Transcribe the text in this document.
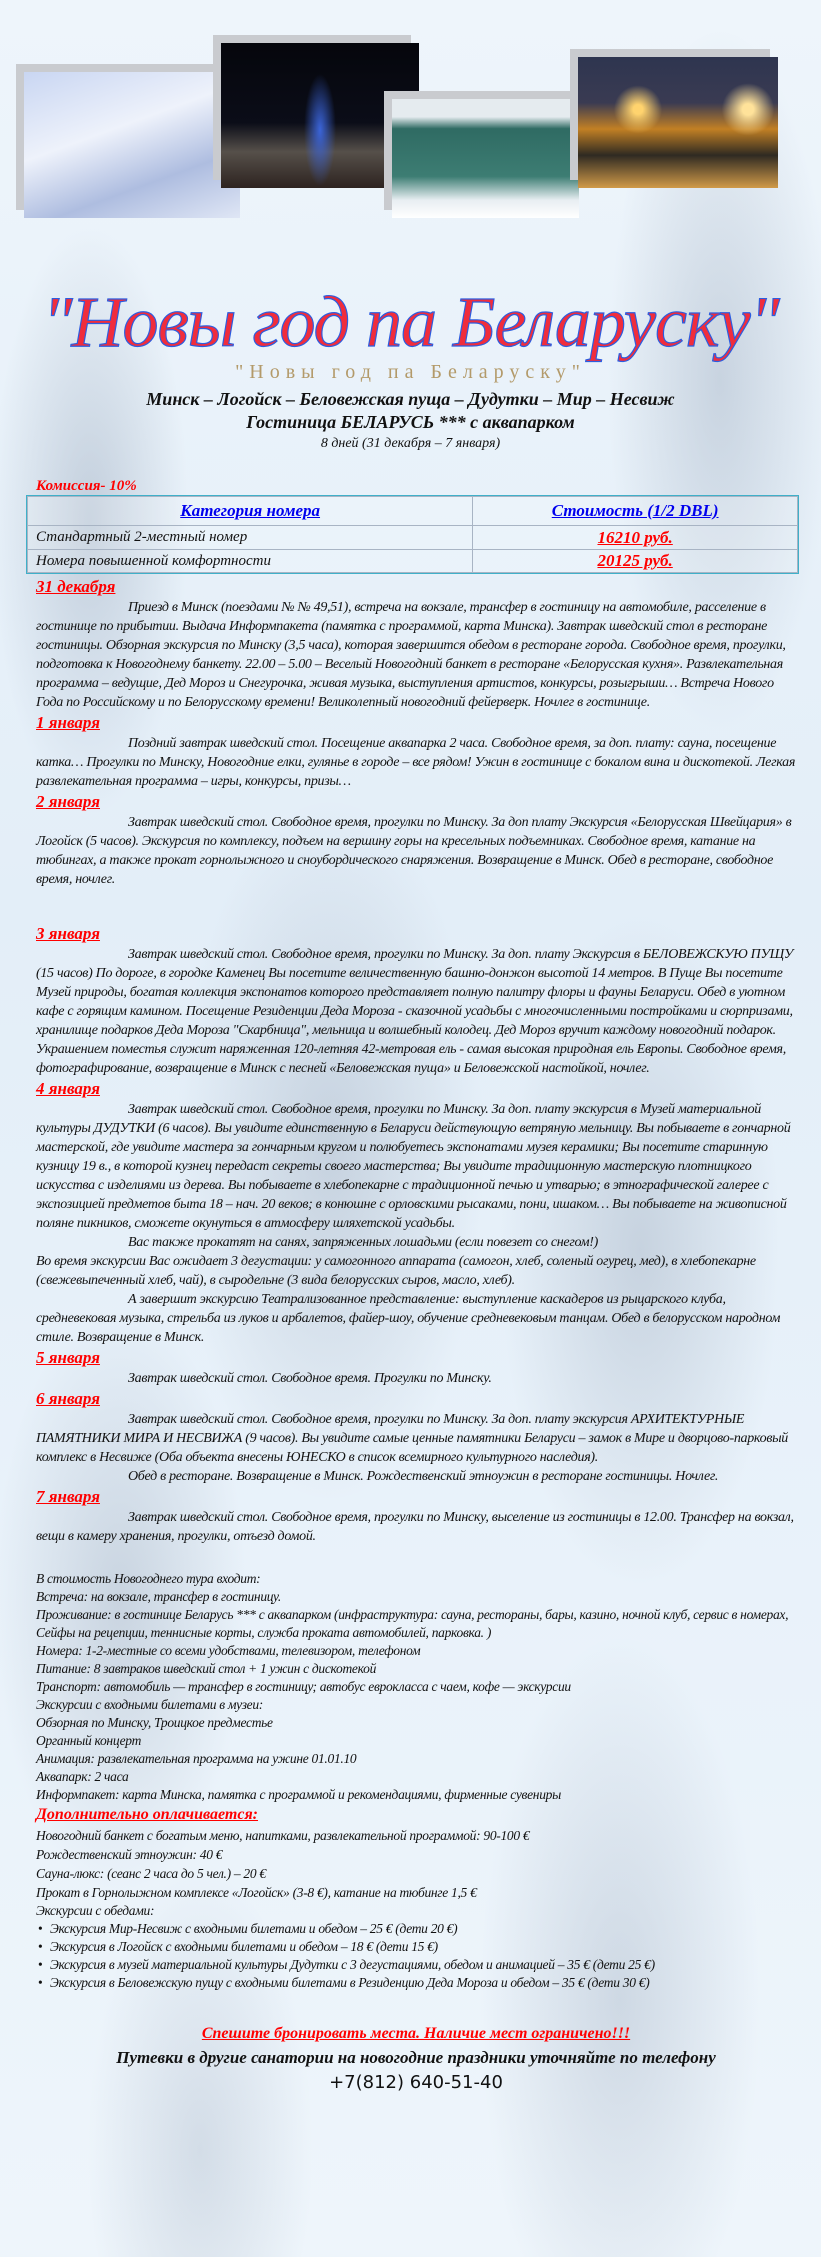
"Новы год па Беларуску"
"Новы год па Беларуску"
Минск – Логойск – Беловежская пуща – Дудутки – Мир – Несвиж
Гостиница БЕЛАРУСЬ *** с аквапарком
8 дней (31 декабря – 7 января)
Комиссия- 10%
Категория номера	Стоимость (1/2 DBL)
Стандартный 2-местный номер	16210 руб.
Номера повышенной комфортности	20125 руб.
31 декабря

Приезд в Минск (поездами № № 49,51), встреча на вокзале, трансфер в гостиницу на автомобиле, расселение в гостинице по прибытии. Выдача Информпакета (памятка с программой, карта Минска). Завтрак шведский стол в ресторане гостиницы. Обзорная экскурсия по Минску (3,5 часа), которая завершится обедом в ресторане города. Свободное время, прогулки, подготовка к Новогоднему банкету. 22.00 – 5.00 – Веселый Новогодний банкет в ресторане «Белорусская кухня». Развлекательная программа – ведущие, Дед Мороз и Снегурочка, живая музыка, выступления артистов, конкурсы, розыгрыши… Встреча Нового Года по Российскому и по Белорусскому времени! Великолепный новогодний фейерверк. Ночлег в гостинице.

1 января

Поздний завтрак шведский стол. Посещение аквапарка 2 часа. Свободное время, за доп. плату: сауна, посещение катка… Прогулки по Минску, Новогодние елки, гулянье в городе – все рядом! Ужин в гостинице с бокалом вина и дискотекой. Легкая развлекательная программа – игры, конкурсы, призы…

2 января

Завтрак шведский стол. Свободное время, прогулки по Минску. За доп плату Экскурсия «Белорусская Швейцария» в Логойск (5 часов). Экскурсия по комплексу, подъем на вершину горы на кресельных подъемниках. Свободное время, катание на тюбингах, а также прокат горнолыжного и сноубордического снаряжения. Возвращение в Минск. Обед в ресторане, свободное время, ночлег.

3 января

Завтрак шведский стол. Свободное время, прогулки по Минску. За доп. плату Экскурсия в БЕЛОВЕЖСКУЮ ПУЩУ (15 часов) По дороге, в городке Каменец Вы посетите величественную башню-донжон высотой 14 метров. В Пуще Вы посетите Музей природы, богатая коллекция экспонатов которого представляет полную палитру флоры и фауны Беларуси. Обед в уютном кафе с горящим камином. Посещение Резиденции Деда Мороза - сказочной усадьбы с многочисленными постройками и сюрпризами, хранилище подарков Деда Мороза "Скарбница", мельница и волшебный колодец. Дед Мороз вручит каждому новогодний подарок. Украшением поместья служит наряженная 120-летняя 42-метровая ель - самая высокая природная ель Европы. Свободное время, фотографирование, возвращение в Минск с песней «Беловежская пуща» и Беловежской настойкой, ночлег.

4 января

Завтрак шведский стол. Свободное время, прогулки по Минску. За доп. плату экскурсия в Музей материальной культуры ДУДУТКИ (6 часов). Вы увидите единственную в Беларуси действующую ветряную мельницу. Вы побываете в гончарной мастерской, где увидите мастера за гончарным кругом и полюбуетесь экспонатами музея керамики; Вы посетите старинную кузницу 19 в., в которой кузнец передаст секреты своего мастерства; Вы увидите традиционную мастерскую плотницкого искусства с изделиями из дерева. Вы побываете в хлебопекарне с традиционной печью и утварью; в этнографической галерее с экспозицией предметов быта 18 – нач. 20 веков; в конюшне с орловскими рысаками, пони, ишаком… Вы побываете на живописной поляне пикников, сможете окунуться в атмосферу шляхетской усадьбы.

Вас также прокатят на санях, запряженных лошадьми (если повезет со снегом!)

Во время экскурсии Вас ожидает 3 дегустации: у самогонного аппарата (самогон, хлеб, соленый огурец, мед), в хлебопекарне (свежевыпеченный хлеб, чай), в сыродельне (3 вида белорусских сыров, масло, хлеб).

А завершит экскурсию Театрализованное представление: выступление каскадеров из рыцарского клуба, средневековая музыка, стрельба из луков и арбалетов, файер-шоу, обучение средневековым танцам. Обед в белорусском народном стиле. Возвращение в Минск.

5 января

Завтрак шведский стол. Свободное время. Прогулки по Минску.

6 января

Завтрак шведский стол. Свободное время, прогулки по Минску. За доп. плату экскурсия АРХИТЕКТУРНЫЕ ПАМЯТНИКИ МИРА И НЕСВИЖА (9 часов). Вы увидите самые ценные памятники Беларуси – замок в Мире и дворцово-парковый комплекс в Несвиже (Оба объекта внесены ЮНЕСКО в список всемирного культурного наследия).

Обед в ресторане. Возвращение в Минск. Рождественский этноужин в ресторане гостиницы. Ночлег.

7 января

Завтрак шведский стол. Свободное время, прогулки по Минску, выселение из гостиницы в 12.00. Трансфер на вокзал, вещи в камеру хранения, прогулки, отъезд домой.

В стоимость Новогоднего тура входит:
Встреча: на вокзале, трансфер в гостиницу.
Проживание: в гостинице Беларусь *** с аквапарком (инфраструктура: сауна, рестораны, бары, казино, ночной клуб, сервис в номерах, Сейфы на рецепции, теннисные корты, служба проката автомобилей, парковка. )
Номера: 1-2-местные со всеми удобствами, телевизором, телефоном
Питание: 8 завтраков шведский стол + 1 ужин с дискотекой
Транспорт: автомобиль — трансфер в гостиницу; автобус еврокласса с чаем, кофе — экскурсии
Экскурсии с входными билетами в музеи:
Обзорная по Минску, Троицкое предместье
Органный концерт
Анимация: развлекательная программа на ужине 01.01.10
Аквапарк: 2 часа
Информпакет: карта Минска, памятка с программой и рекомендациями, фирменные сувениры
Дополнительно оплачивается:
Новогодний банкет с богатым меню, напитками, развлекательной программой: 90-100 €
Рождественский этноужин: 40 €
Сауна-люкс: (сеанс 2 часа до 5 чел.) – 20 €
Прокат в Горнолыжном комплексе «Логойск» (3-8 €), катание на тюбинге 1,5 €
Экскурсии с обедами:
• Экскурсия Мир-Несвиж с входными билетами и обедом – 25 € (дети 20 €)
• Экскурсия в Логойск с входными билетами и обедом – 18 € (дети 15 €)
• Экскурсия в музей материальной культуры Дудутки с 3 дегустациями, обедом и анимацией – 35 € (дети 25 €)
• Экскурсия в Беловежскую пущу с входными билетами в Резиденцию Деда Мороза и обедом – 35 € (дети 30 €)
Спешите бронировать места. Наличие мест ограничено!!!
Путевки в другие санатории на новогодние праздники уточняйте по телефону
+7(812) 640-51-40
